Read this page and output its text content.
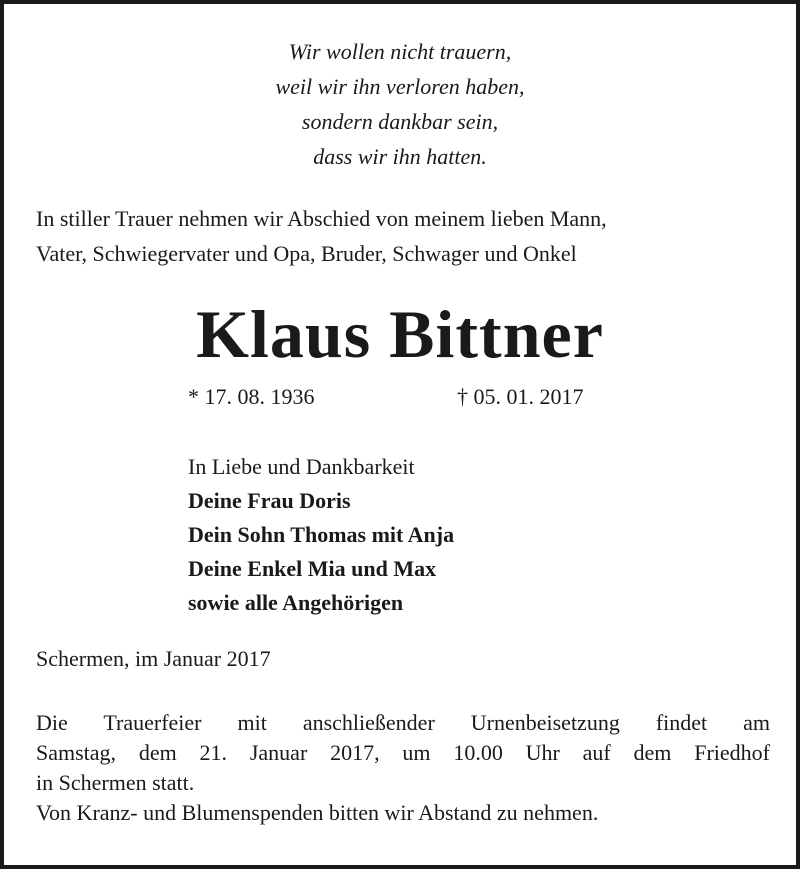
Wir wollen nicht trauern,
weil wir ihn verloren haben,
sondern dankbar sein,
dass wir ihn hatten.
In stiller Trauer nehmen wir Abschied von meinem lieben Mann,
Vater, Schwiegervater und Opa, Bruder, Schwager und Onkel
Klaus Bittner
* 17. 08. 1936	† 05. 01. 2017
In Liebe und Dankbarkeit
Deine Frau Doris
Dein Sohn Thomas mit Anja
Deine Enkel Mia und Max
sowie alle Angehörigen
Schermen, im Januar 2017
Die Trauerfeier mit anschließender Urnenbeisetzung findet am
Samstag, dem 21. Januar 2017, um 10.00 Uhr auf dem Friedhof
in Schermen statt.
Von Kranz- und Blumenspenden bitten wir Abstand zu nehmen.
